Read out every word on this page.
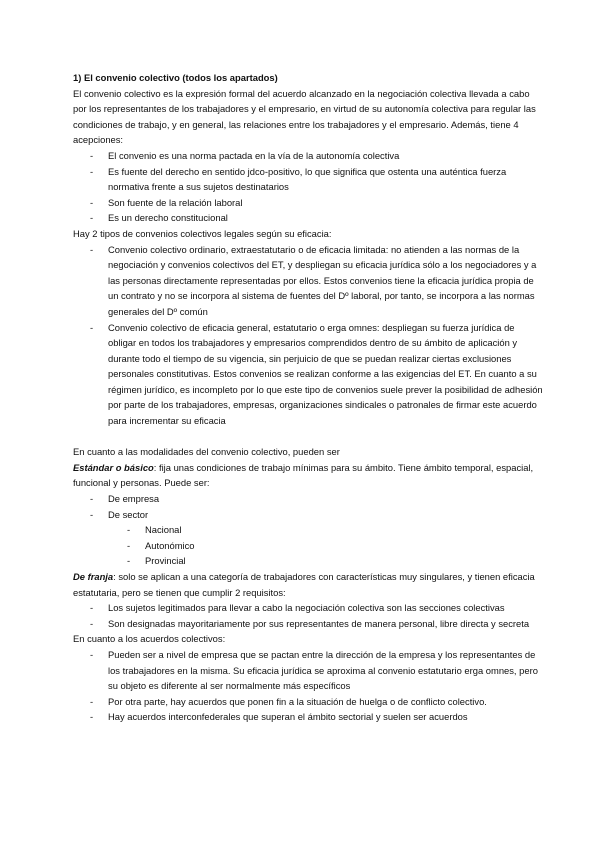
1) El convenio colectivo (todos los apartados)

El convenio colectivo es la expresión formal del acuerdo alcanzado en la negociación colectiva llevada a cabo por los representantes de los trabajadores y el empresario, en virtud de su autonomía colectiva para regular las condiciones de trabajo, y en general, las relaciones entre los trabajadores y el empresario. Además, tiene 4 acepciones:

- El convenio es una norma pactada en la vía de la autonomía colectiva
- Es fuente del derecho en sentido jdco-positivo, lo que significa que ostenta una auténtica fuerza normativa frente a sus sujetos destinatarios
- Son fuente de la relación laboral
- Es un derecho constitucional

Hay 2 tipos de convenios colectivos legales según su eficacia:

- Convenio colectivo ordinario, extraestatutario o de eficacia limitada: no atienden a las normas de la negociación y convenios colectivos del ET, y despliegan su eficacia jurídica sólo a los negociadores y a las personas directamente representadas por ellos. Estos convenios tiene la eficacia jurídica propia de un contrato y no se incorpora al sistema de fuentes del Dº laboral, por tanto, se incorpora a las normas generales del Dº común
- Convenio colectivo de eficacia general, estatutario o erga omnes: despliegan su fuerza jurídica de obligar en todos los trabajadores y empresarios comprendidos dentro de su ámbito de aplicación y durante todo el tiempo de su vigencia, sin perjuicio de que se puedan realizar ciertas exclusiones personales constitutivas. Estos convenios se realizan conforme a las exigencias del ET. En cuanto a su régimen jurídico, es incompleto por lo que este tipo de convenios suele prever la posibilidad de adhesión por parte de los trabajadores, empresas, organizaciones sindicales o patronales de firmar este acuerdo para incrementar su eficacia

En cuanto a las modalidades del convenio colectivo, pueden ser

Estándar o básico: fija unas condiciones de trabajo mínimas para su ámbito. Tiene ámbito temporal, espacial, funcional y personas. Puede ser:

- De empresa
- De sector
- Nacional
- Autonómico
- Provincial

De franja: solo se aplican a una categoría de trabajadores con características muy singulares, y tienen eficacia estatutaria, pero se tienen que cumplir 2 requisitos:

- Los sujetos legitimados para llevar a cabo la negociación colectiva son las secciones colectivas
- Son designadas mayoritariamente por sus representantes de manera personal, libre directa y secreta

En cuanto a los acuerdos colectivos:

- Pueden ser a nivel de empresa que se pactan entre la dirección de la empresa y los representantes de los trabajadores en la misma. Su eficacia jurídica se aproxima al convenio estatutario erga omnes, pero su objeto es diferente al ser normalmente más específicos
- Por otra parte, hay acuerdos que ponen fin a la situación de huelga o de conflicto colectivo.
- Hay acuerdos interconfederales que superan el ámbito sectorial y suelen ser acuerdos
